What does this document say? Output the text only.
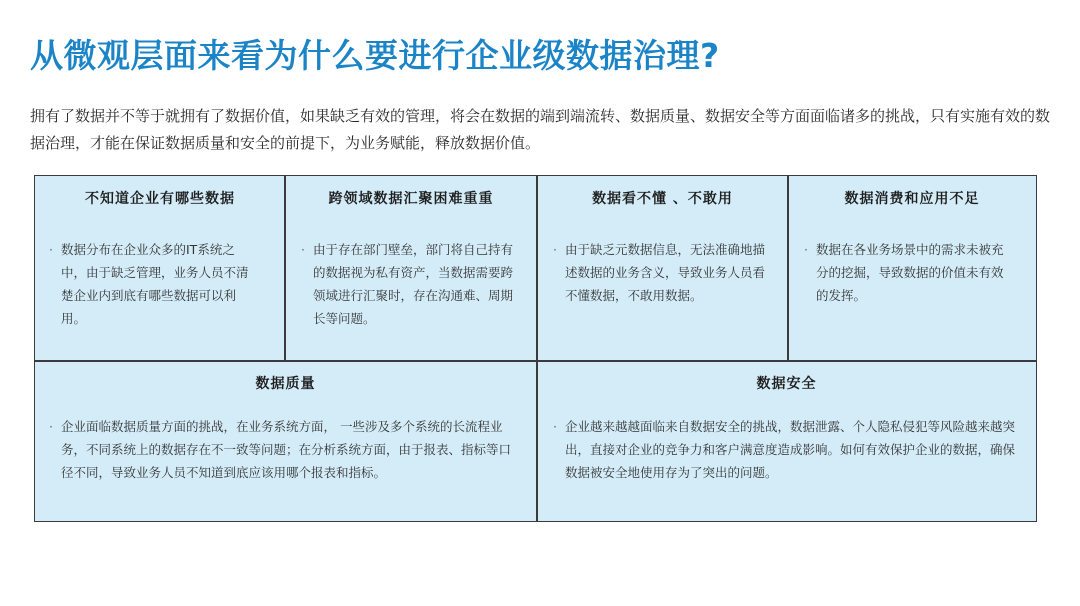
从微观层面来看为什么要进行企业级数据治理?
拥有了数据并不等于就拥有了数据价值，如果缺乏有效的管理，将会在数据的端到端流转、数据质量、数据安全等方面面临诸多的挑战，只有实施有效的数据治理，才能在保证数据质量和安全的前提下，为业务赋能，释放数据价值。
不知道企业有哪些数据
· 数据分布在企业众多的IT系统之中，由于缺乏管理，业务人员不清楚企业内到底有哪些数据可以利用。
跨领域数据汇聚困难重重
· 由于存在部门壁垒，部门将自己持有的数据视为私有资产，当数据需要跨领域进行汇聚时，存在沟通难、周期长等问题。
数据看不懂 、不敢用
· 由于缺乏元数据信息，无法准确地描述数据的业务含义，导致业务人员看不懂数据，不敢用数据。
数据消费和应用不足
· 数据在各业务场景中的需求未被充分的挖掘，导致数据的价值未有效的发挥。
数据质量
· 企业面临数据质量方面的挑战，在业务系统方面， 一些涉及多个系统的长流程业务，不同系统上的数据存在不一致等问题；在分析系统方面，由于报表、指标等口径不同，导致业务人员不知道到底应该用哪个报表和指标。
数据安全
· 企业越来越越面临来自数据安全的挑战，数据泄露、个人隐私侵犯等风险越来越突出，直接对企业的竞争力和客户满意度造成影响。如何有效保护企业的数据，确保数据被安全地使用存为了突出的问题。
